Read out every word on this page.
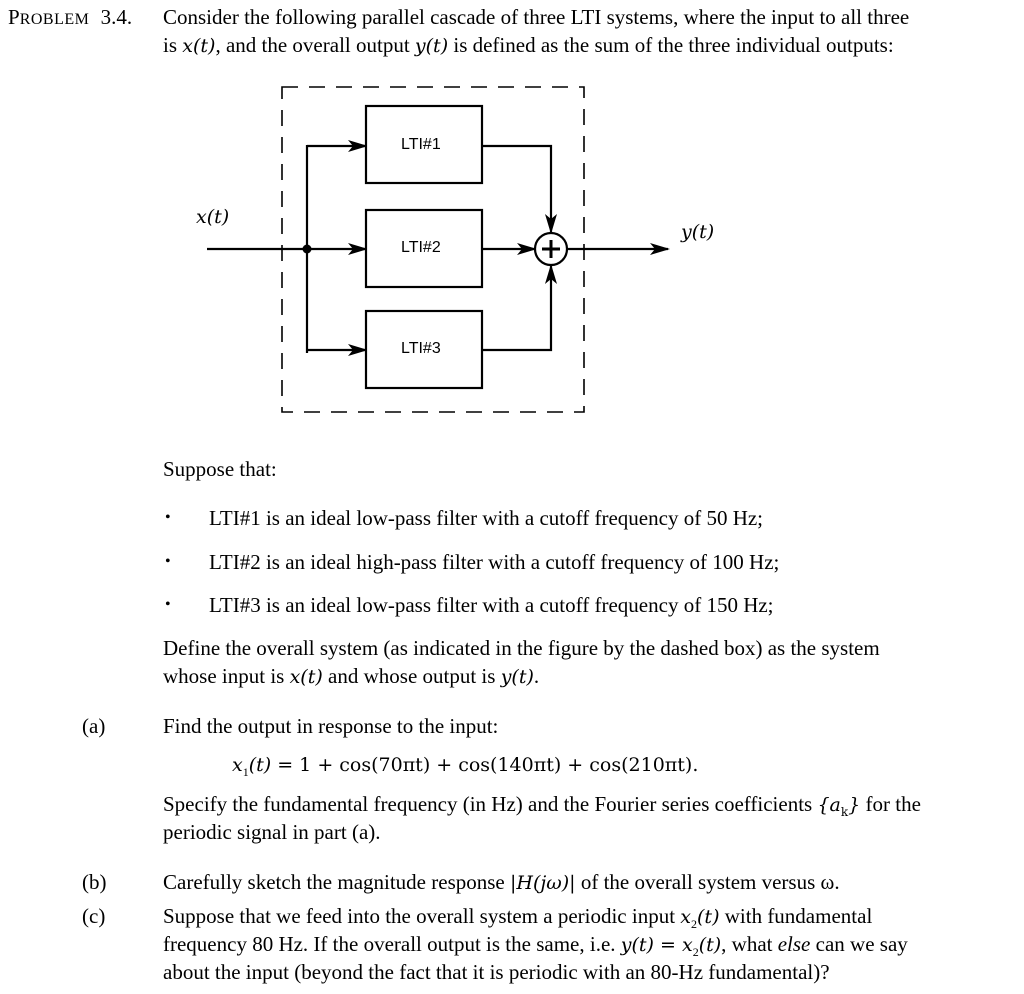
PROBLEM 3.4. Consider the following parallel cascade of three LTI systems, where the input to all three
is x(t), and the overall output y(t) is defined as the sum of the three individual outputs:
LTI#1
LTI#2
LTI#3
x(t)
y(t)
Suppose that:
• LTI#1 is an ideal low-pass filter with a cutoff frequency of 50 Hz;
• LTI#2 is an ideal high-pass filter with a cutoff frequency of 100 Hz;
• LTI#3 is an ideal low-pass filter with a cutoff frequency of 150 Hz;
Define the overall system (as indicated in the figure by the dashed box) as the system
whose input is x(t) and whose output is y(t).
(a)	Find the output in response to the input:
$x_1(t) = 1 + \cos(70\pi t) + \cos(140\pi t) + \cos(210\pi t)$.
Specify the fundamental frequency (in Hz) and the Fourier series coefficients $\{a_k\}$ for the
periodic signal in part (a).
(b)	Carefully sketch the magnitude response |H(jω)| of the overall system versus ω.
(c)	Suppose that we feed into the overall system a periodic input $x_2(t)$ with fundamental
frequency 80 Hz. If the overall output is the same, i.e. $y(t) = x_2(t)$, what else can we say
about the input (beyond the fact that it is periodic with an 80-Hz fundamental)?
